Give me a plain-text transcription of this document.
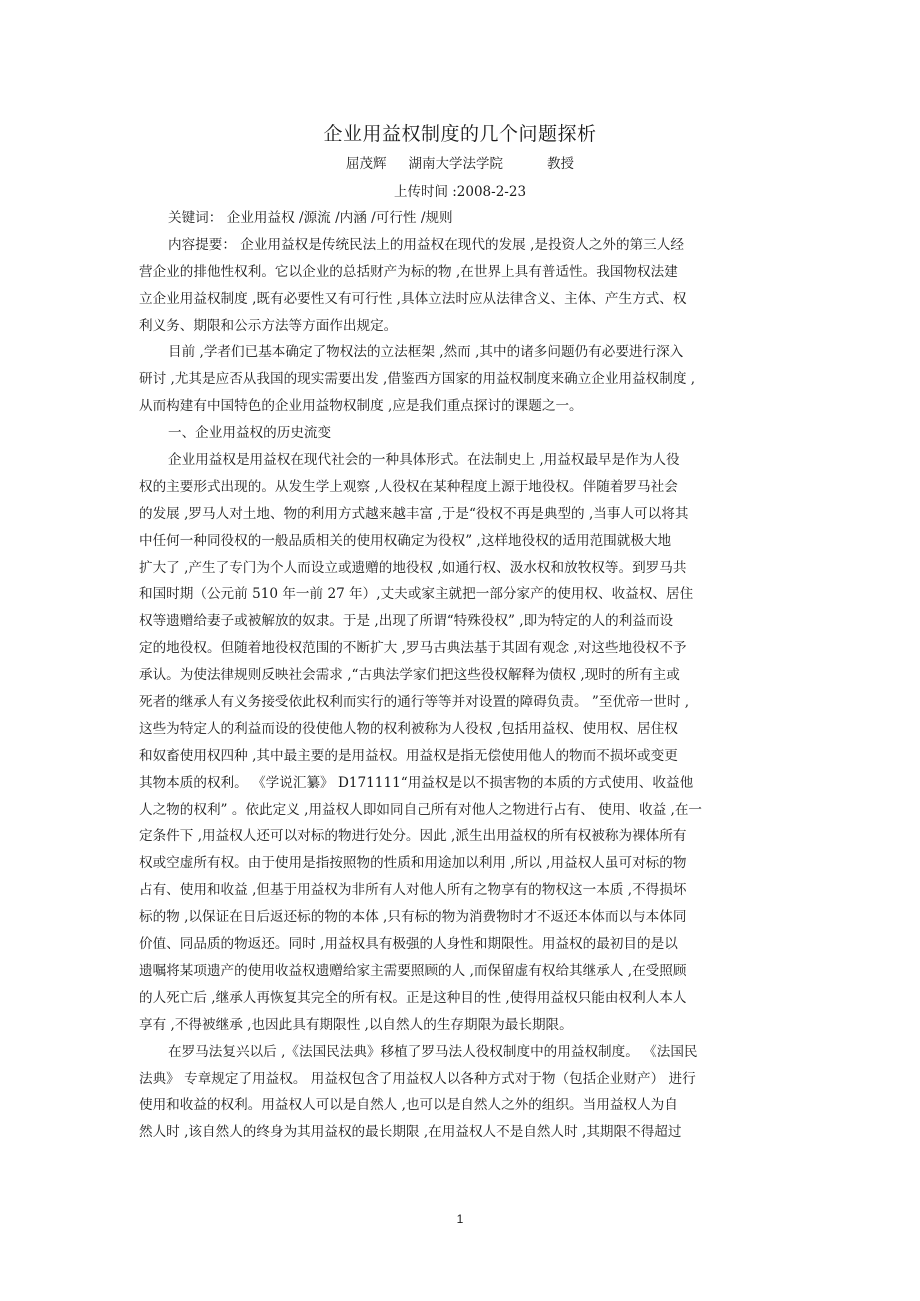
企业用益权制度的几个问题探析
屈茂辉 湖南大学法学院	教授
上传时间 :2008-2-23
关键词： 企业用益权 /源流 /内涵 /可行性 /规则
内容提要： 企业用益权是传统民法上的用益权在现代的发展 ,是投资人之外的第三人经
营企业的排他性权利。它以企业的总括财产为标的物 ,在世界上具有普适性。我国物权法建
立企业用益权制度 ,既有必要性又有可行性 ,具体立法时应从法律含义、主体、产生方式、权
利义务、期限和公示方法等方面作出规定。
目前 ,学者们已基本确定了物权法的立法框架 ,然而 ,其中的诸多问题仍有必要进行深入
研讨 ,尤其是应否从我国的现实需要出发 ,借鉴西方国家的用益权制度来确立企业用益权制度 ,
从而构建有中国特色的企业用益物权制度 ,应是我们重点探讨的课题之一。
一、企业用益权的历史流变
企业用益权是用益权在现代社会的一种具体形式。在法制史上 ,用益权最早是作为人役
权的主要形式出现的。从发生学上观察 ,人役权在某种程度上源于地役权。伴随着罗马社会
的发展 ,罗马人对土地、物的利用方式越来越丰富 ,于是“役权不再是典型的 ,当事人可以将其
中任何一种同役权的一般品质相关的使用权确定为役权” ,这样地役权的适用范围就极大地
扩大了 ,产生了专门为个人而设立或遗赠的地役权 ,如通行权、汲水权和放牧权等。到罗马共
和国时期（公元前 510 年一前 27 年）,丈夫或家主就把一部分家产的使用权、收益权、居住
权等遗赠给妻子或被解放的奴隶。于是 ,出现了所谓“特殊役权” ,即为特定的人的利益而设
定的地役权。但随着地役权范围的不断扩大 ,罗马古典法基于其固有观念 ,对这些地役权不予
承认。为使法律规则反映社会需求 ,“古典法学家们把这些役权解释为债权 ,现时的所有主或
死者的继承人有义务接受依此权利而实行的通行等等并对设置的障碍负责。 ”至优帝一世时 ,
这些为特定人的利益而设的役使他人物的权利被称为人役权 ,包括用益权、使用权、居住权
和奴畜使用权四种 ,其中最主要的是用益权。用益权是指无偿使用他人的物而不损坏或变更
其物本质的权利。 《学说汇纂》 D171111“用益权是以不损害物的本质的方式使用、收益他
人之物的权利” 。依此定义 ,用益权人即如同自己所有对他人之物进行占有、 使用、收益 ,在一
定条件下 ,用益权人还可以对标的物进行处分。因此 ,派生出用益权的所有权被称为裸体所有
权或空虚所有权。由于使用是指按照物的性质和用途加以利用 ,所以 ,用益权人虽可对标的物
占有、使用和收益 ,但基于用益权为非所有人对他人所有之物享有的物权这一本质 ,不得损坏
标的物 ,以保证在日后返还标的物的本体 ,只有标的物为消费物时才不返还本体而以与本体同
价值、同品质的物返还。同时 ,用益权具有极强的人身性和期限性。用益权的最初目的是以
遗嘱将某项遗产的使用收益权遗赠给家主需要照顾的人 ,而保留虚有权给其继承人 ,在受照顾
的人死亡后 ,继承人再恢复其完全的所有权。正是这种目的性 ,使得用益权只能由权利人本人
享有 ,不得被继承 ,也因此具有期限性 ,以自然人的生存期限为最长期限。
在罗马法复兴以后 ,《法国民法典》移植了罗马法人役权制度中的用益权制度。 《法国民
法典》 专章规定了用益权。 用益权包含了用益权人以各种方式对于物（包括企业财产） 进行
使用和收益的权利。用益权人可以是自然人 ,也可以是自然人之外的组织。当用益权人为自
然人时 ,该自然人的终身为其用益权的最长期限 ,在用益权人不是自然人时 ,其期限不得超过
1
